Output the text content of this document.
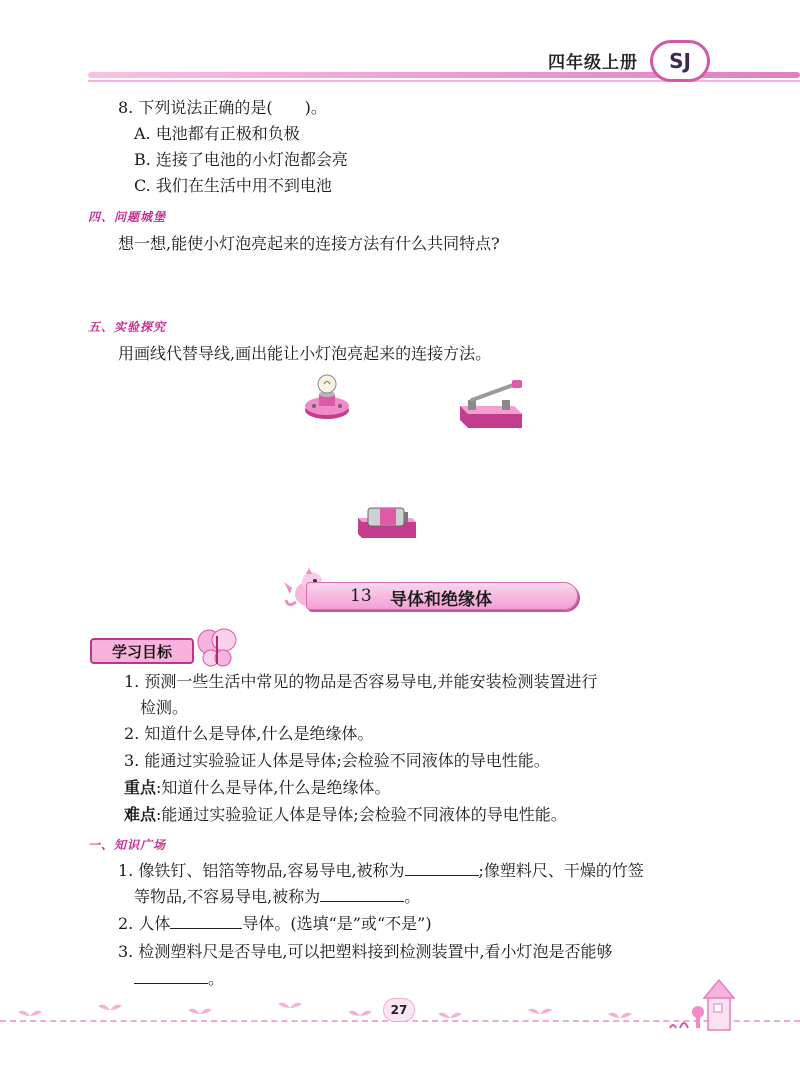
四年级上册	SJ
8. 下列说法正确的是(　　)。
A. 电池都有正极和负极
B. 连接了电池的小灯泡都会亮
C. 我们在生活中用不到电池
四、问题城堡
想一想,能使小灯泡亮起来的连接方法有什么共同特点?
五、实验探究
用画线代替导线,画出能让小灯泡亮起来的连接方法。
13 导体和绝缘体
学习目标
1. 预测一些生活中常见的物品是否容易导电,并能安装检测装置进行
检测。
2. 知道什么是导体,什么是绝缘体。
3. 能通过实验验证人体是导体;会检验不同液体的导电性能。
重点:知道什么是导体,什么是绝缘体。
难点:能通过实验验证人体是导体;会检验不同液体的导电性能。
一、知识广场
1. 像铁钉、铝箔等物品,容易导电,被称为	;像塑料尺、干燥的竹签
等物品,不容易导电,被称为	。
2. 人体	导体。(选填“是”或“不是”)
3. 检测塑料尺是否导电,可以把塑料接到检测装置中,看小灯泡是否能够
。
27
